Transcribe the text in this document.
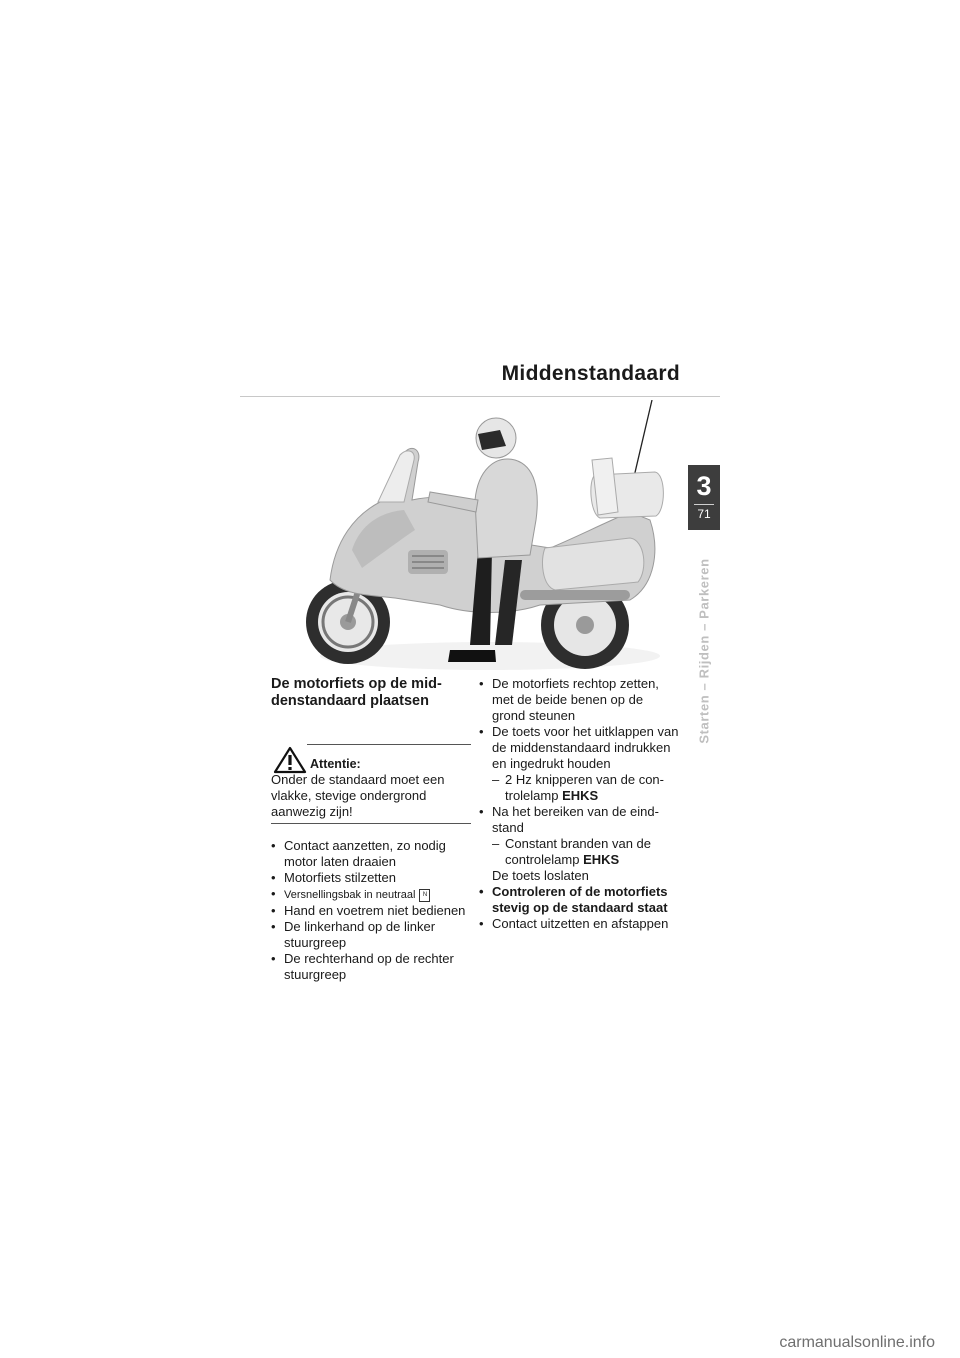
Middenstandaard
3
71
Starten – Rijden – Parkeren
De motorfiets op de middenstandaard plaatsen
Attentie:
Onder de standaard moet een vlakke, stevige ondergrond aanwezig zijn!
• Contact aanzetten, zo nodig motor laten draaien
• Motorfiets stilzetten
• Versnellingsbak in neutraal N
• Hand en voetrem niet bedienen
• De linkerhand op de linker stuurgreep
• De rechterhand op de rechter stuurgreep
• De motorfiets rechtop zetten, met de beide benen op de grond steunen
• De toets voor het uitklappen van de middenstandaard indrukken en ingedrukt houden
– 2 Hz knipperen van de controlelamp EHKS
• Na het bereiken van de eindstand
– Constant branden van de controlelamp EHKS
De toets loslaten
• Controleren of de motorfiets stevig op de standaard staat
• Contact uitzetten en afstappen
carmanualsonline.info
